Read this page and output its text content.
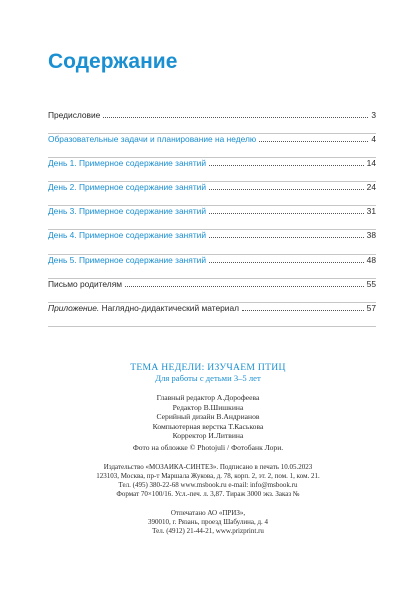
Содержание
Предисловие	3
Образовательные задачи и планирование на неделю	4
День 1. Примерное содержание занятий	14
День 2. Примерное содержание занятий	24
День 3. Примерное содержание занятий	31
День 4. Примерное содержание занятий	38
День 5. Примерное содержание занятий	48
Письмо родителям	55
Приложение. Наглядно-дидактический материал	57
ТЕМА НЕДЕЛИ: ИЗУЧАЕМ ПТИЦ
Для работы с детьми 3–5 лет
Главный редактор А.Дорофеева
Редактор В.Шишкина
Серийный дизайн В.Андрианов
Компьютерная верстка Т.Каськова
Корректор И.Литвина
Фото на обложке © Photojuli / Фотобанк Лори.
Издательство «МОЗАИКА-СИНТЕЗ». Подписано в печать 10.05.2023
123103, Москва, пр-т Маршала Жукова, д. 78, корп. 2, эт. 2, пом. 1, ком. 21.
Тел. (495) 380-22-68 www.msbook.ru e-mail: info@msbook.ru
Формат 70×100/16. Усл.-печ. л. 3,87. Тираж 3000 экз. Заказ №
Отпечатано АО «ПРИЗ»,
390010, г. Рязань, проезд Шабулина, д. 4
Тел. (4912) 21-44-21, www.prizprint.ru
